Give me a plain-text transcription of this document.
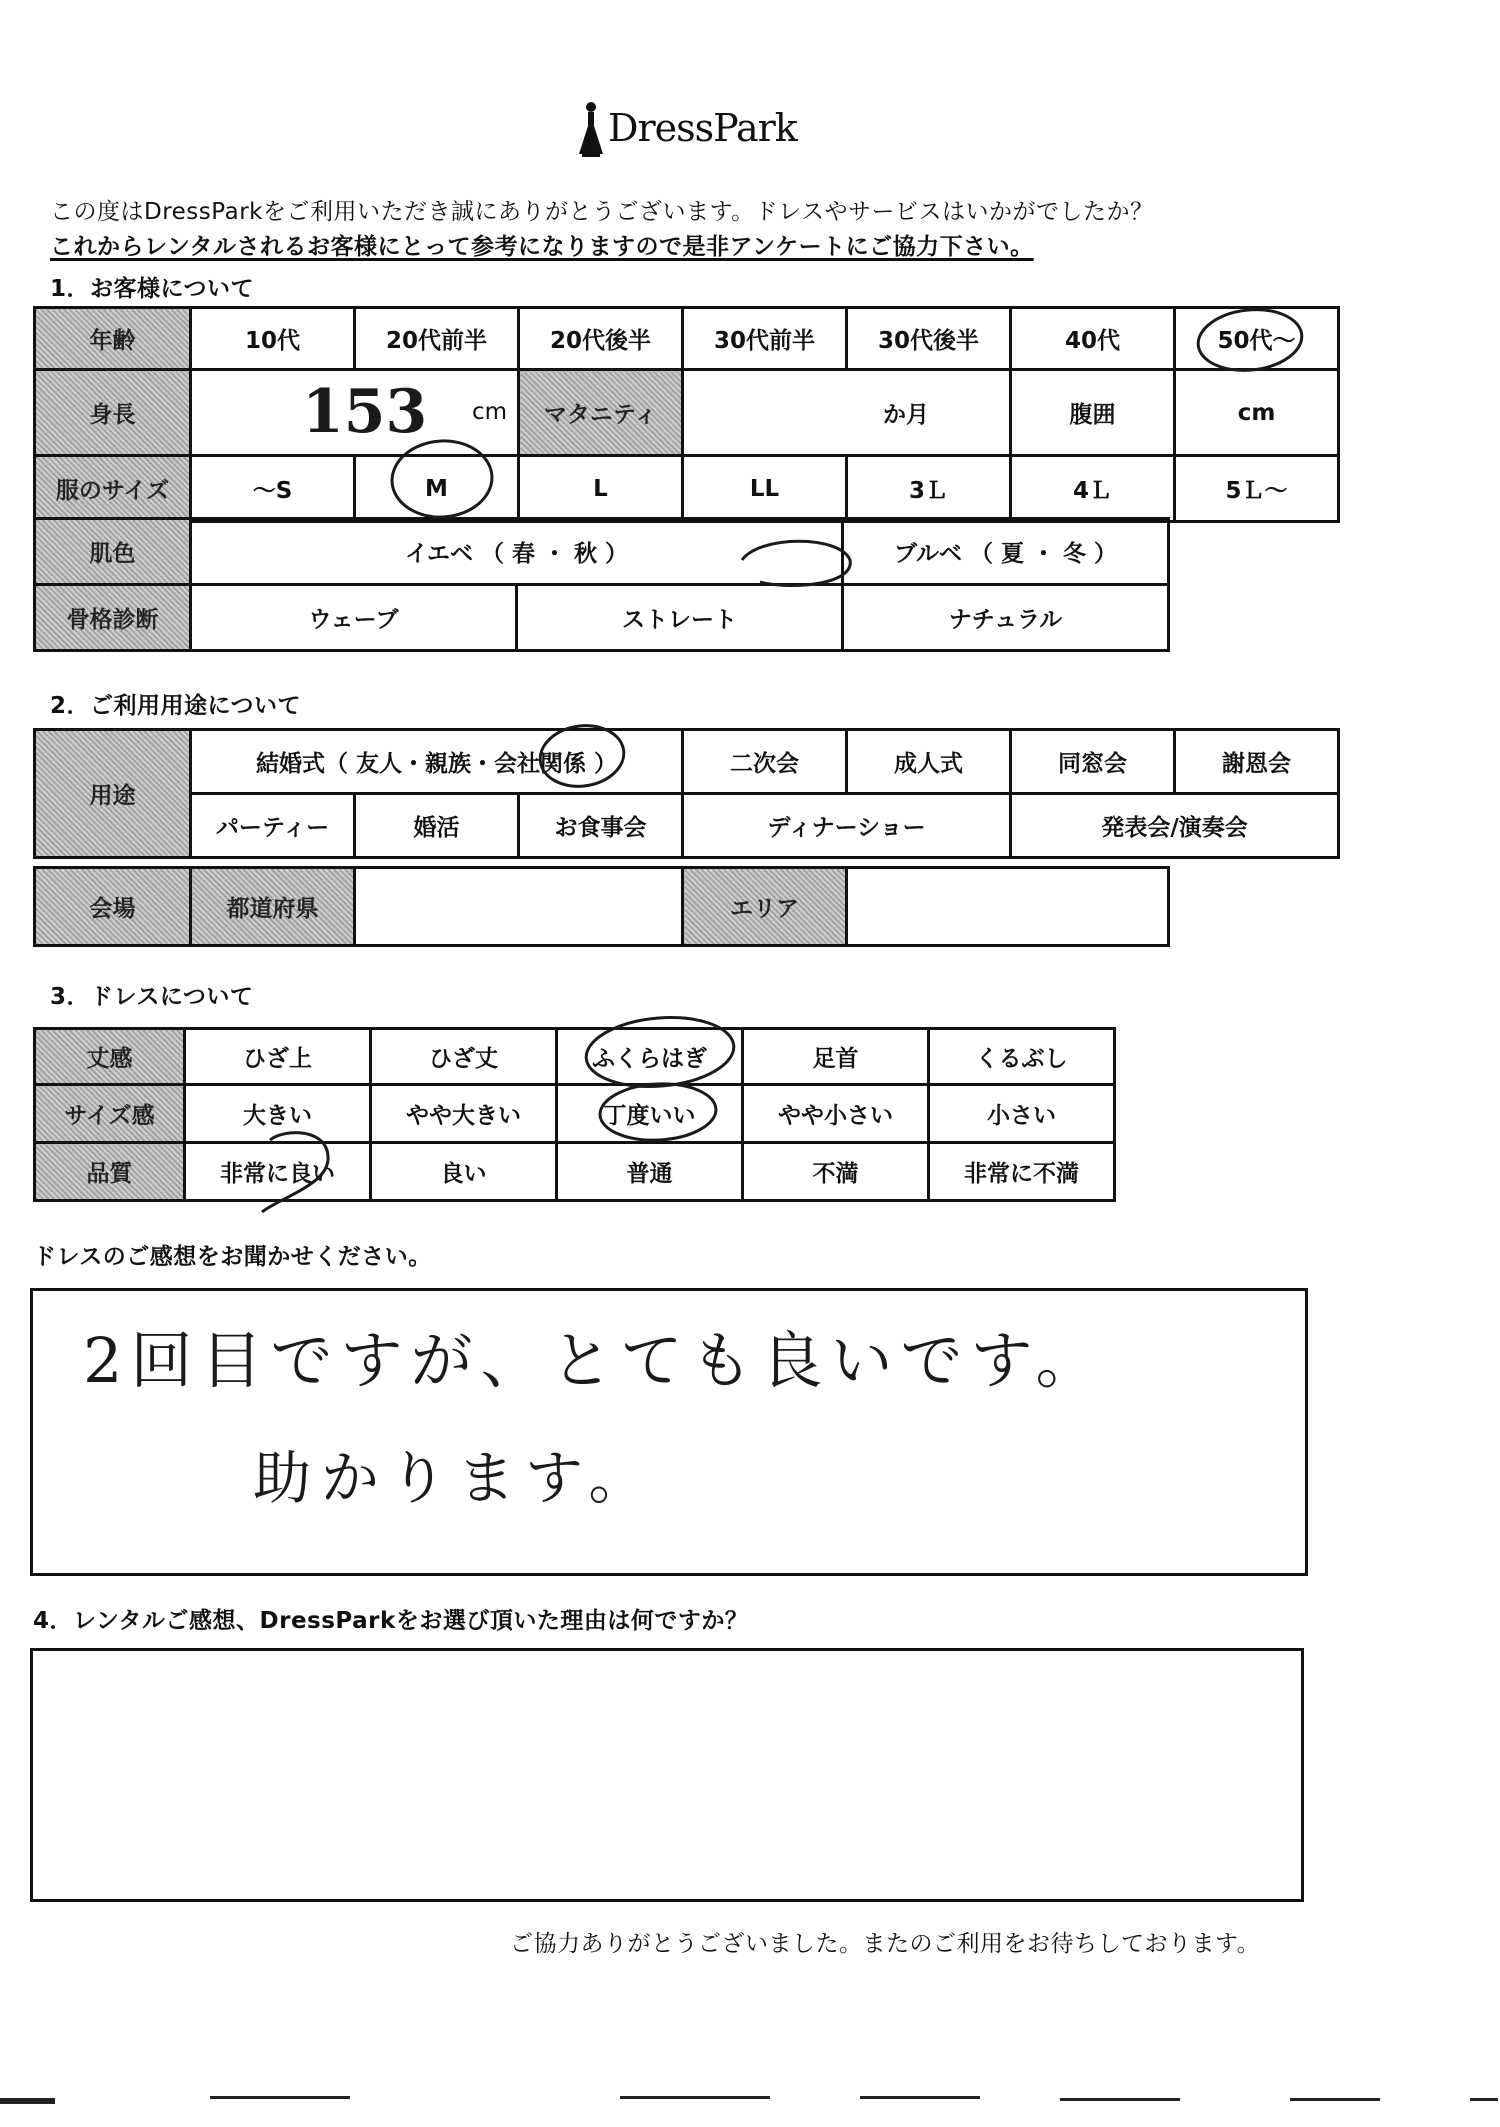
DressPark
この度はDressParkをご利用いただき誠にありがとうございます。ドレスやサービスはいかがでしたか？
これからレンタルされるお客様にとって参考になりますので是非アンケートにご協力下さい。
1．お客様について
年齢	10代	20代前半	20代後半	30代前半	30代後半	40代	50代～
身長	153 cm		マタニティ	か月		腹囲	cm
服のサイズ	～S	M	L	LL	3Ｌ	4Ｌ	5Ｌ～
肌色	イエベ （ 春 ・ 秋 ）		ブルベ （ 夏 ・ 冬 ）
骨格診断	ウェーブ	ストレート	ナチュラル
2．ご利用用途について
用途	結婚式（ 友人・親族・会社関係 ）			二次会	成人式	同窓会	謝恩会
	パーティー	婚活	お食事会	ディナーショー		発表会/演奏会	
会場	都道府県		エリア	
3．ドレスについて
丈感	ひざ上	ひざ丈	ふくらはぎ	足首	くるぶし
サイズ感	大きい	やや大きい	丁度いい	やや小さい	小さい
品質	非常に良い	良い	普通	不満	非常に不満
ドレスのご感想をお聞かせください。
2回目ですが、とても良いです。
助かります。
4．レンタルご感想、DressParkをお選び頂いた理由は何ですか？
ご協力ありがとうございました。またのご利用をお待ちしております。
